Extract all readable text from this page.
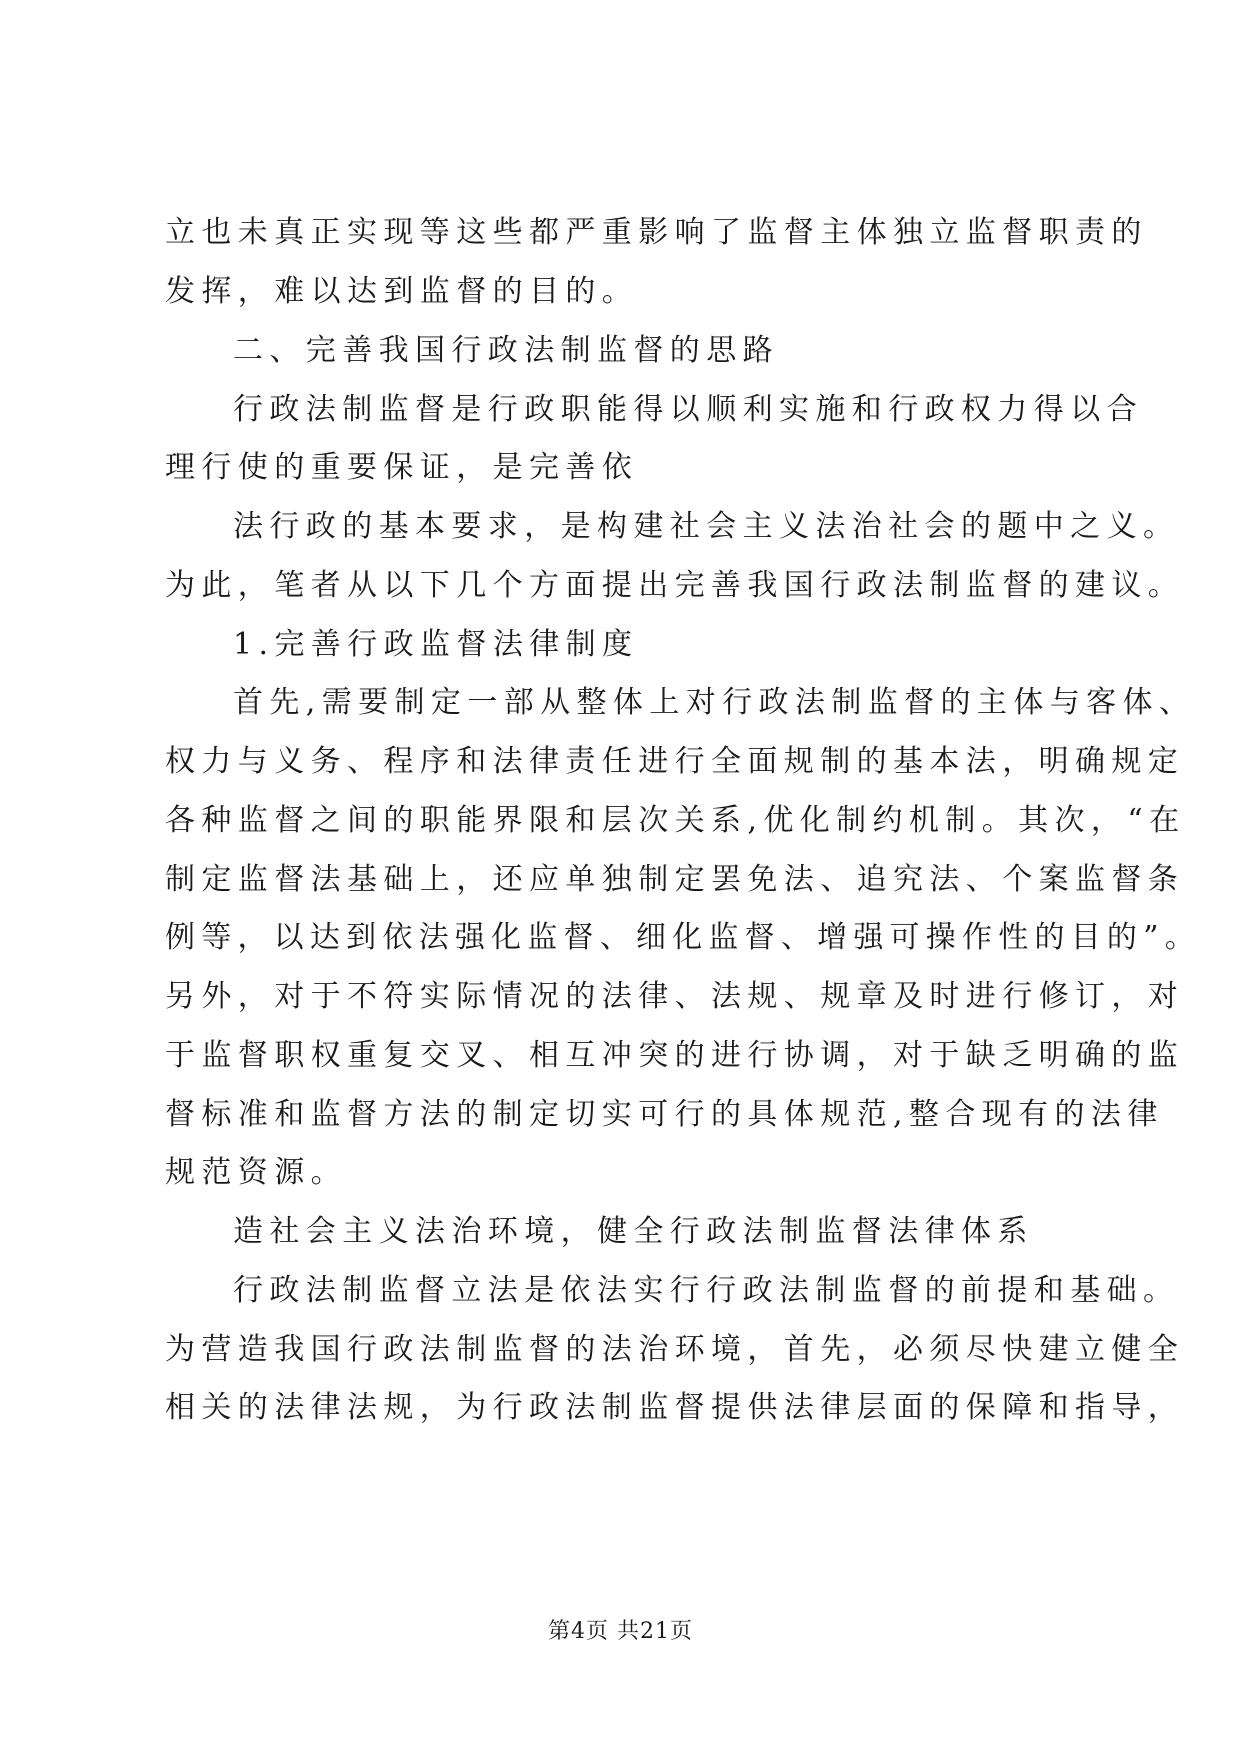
立也未真正实现等这些都严重影响了监督主体独立监督职责的
发挥，难以达到监督的目的。
二、完善我国行政法制监督的思路
行政法制监督是行政职能得以顺利实施和行政权力得以合
理行使的重要保证，是完善依
法行政的基本要求，是构建社会主义法治社会的题中之义。
为此，笔者从以下几个方面提出完善我国行政法制监督的建议。
1.完善行政监督法律制度
首先,需要制定一部从整体上对行政法制监督的主体与客体、
权力与义务、程序和法律责任进行全面规制的基本法，明确规定
各种监督之间的职能界限和层次关系,优化制约机制。其次，“在
制定监督法基础上，还应单独制定罢免法、追究法、个案监督条
例等，以达到依法强化监督、细化监督、增强可操作性的目的”。
另外，对于不符实际情况的法律、法规、规章及时进行修订，对
于监督职权重复交叉、相互冲突的进行协调，对于缺乏明确的监
督标准和监督方法的制定切实可行的具体规范,整合现有的法律
规范资源。
造社会主义法治环境，健全行政法制监督法律体系
行政法制监督立法是依法实行行政法制监督的前提和基础。
为营造我国行政法制监督的法治环境，首先，必须尽快建立健全
相关的法律法规，为行政法制监督提供法律层面的保障和指导，
第4页 共21页
